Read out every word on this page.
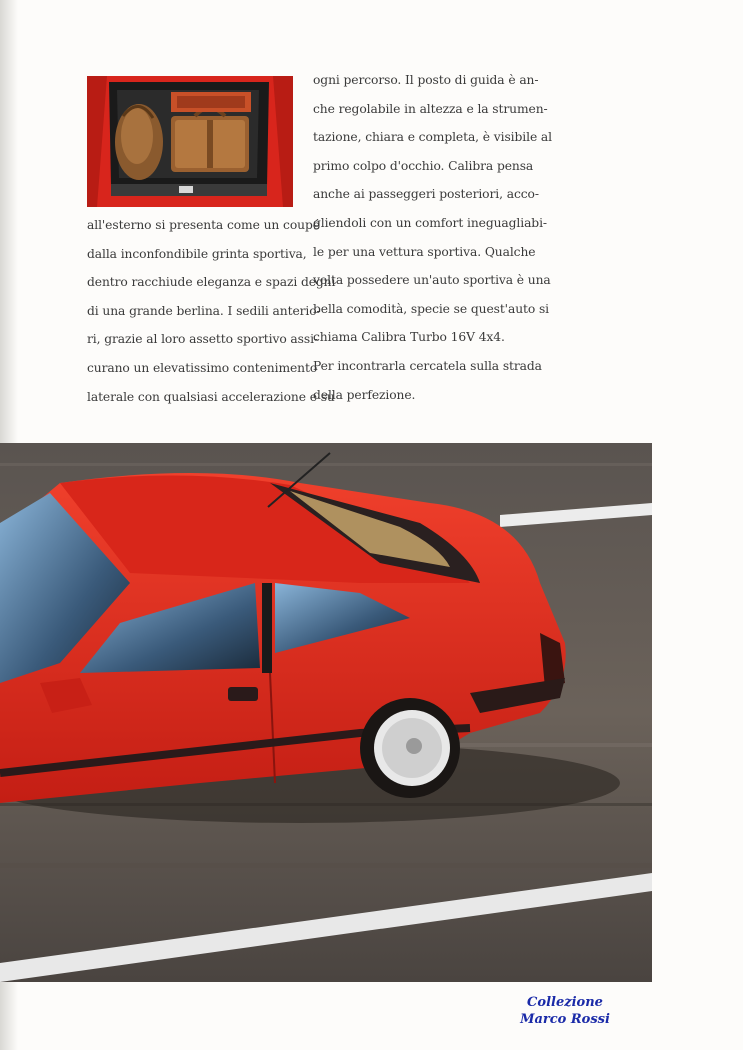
all'esterno si presenta come un coupé
dalla inconfondibile grinta sportiva,
dentro racchiude eleganza e spazi degni
di una grande berlina. I sedili anterio-
ri, grazie al loro assetto sportivo assi-
curano un elevatissimo contenimento
laterale con qualsiasi accelerazione e su
ogni percorso. Il posto di guida è an-
che regolabile in altezza e la strumen-
tazione, chiara e completa, è visibile al
primo colpo d'occhio. Calibra pensa
anche ai passeggeri posteriori, acco-
gliendoli con un comfort ineguagliabi-
le per una vettura sportiva. Qualche
volta possedere un'auto sportiva è una
bella comodità, specie se quest'auto si
chiama Calibra Turbo 16V 4x4.
Per incontrarla cercatela sulla strada
della perfezione.
Collezione
Marco Rossi
